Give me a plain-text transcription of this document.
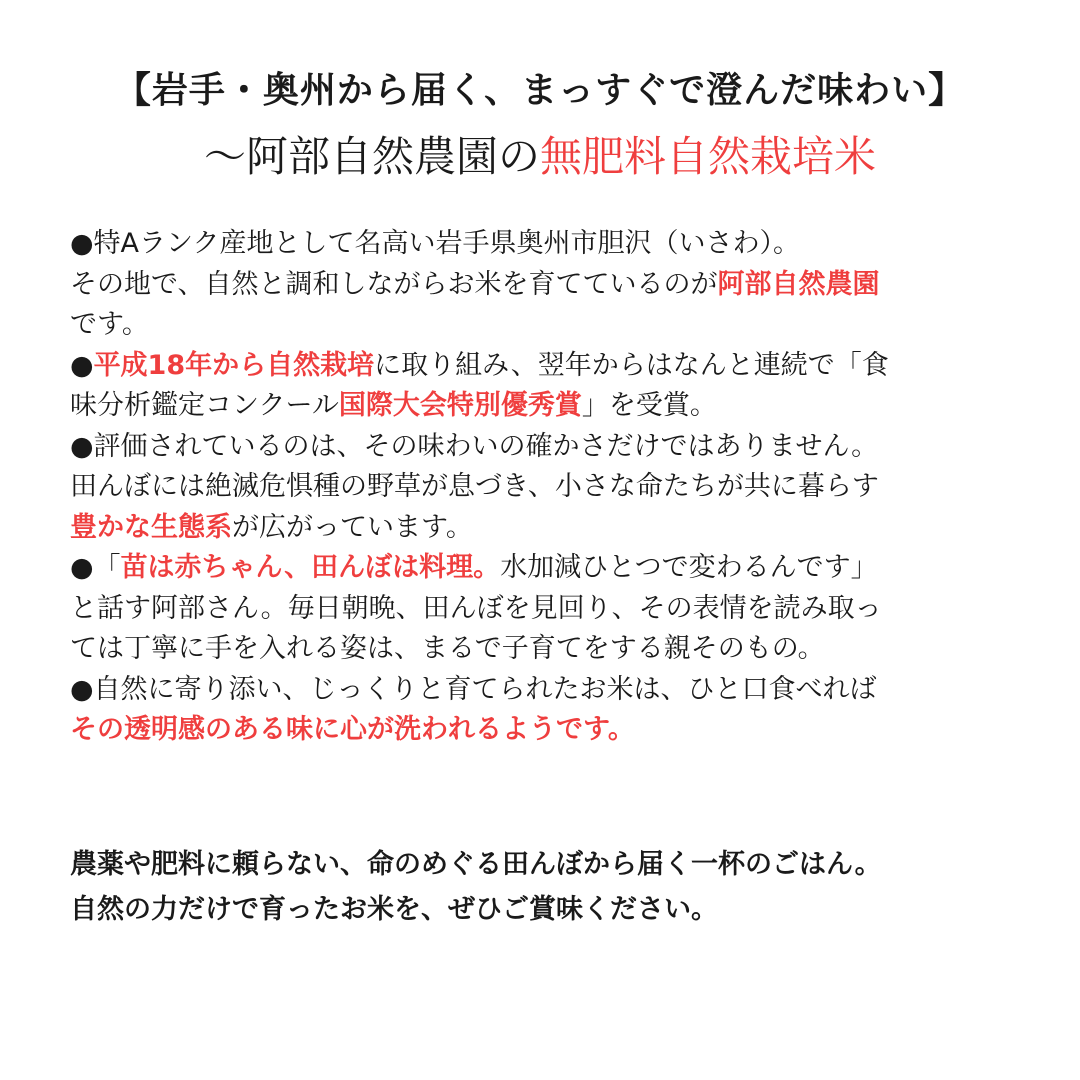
【岩手・奥州から届く、まっすぐで澄んだ味わい】
～阿部自然農園の無肥料自然栽培米
●特Aランク産地として名高い岩手県奥州市胆沢（いさわ）。
その地で、自然と調和しながらお米を育てているのが阿部自然農園
です。
●平成18年から自然栽培に取り組み、翌年からはなんと連続で「食
味分析鑑定コンクール国際大会特別優秀賞」を受賞。
●評価されているのは、その味わいの確かさだけではありません。
田んぼには絶滅危惧種の野草が息づき、小さな命たちが共に暮らす
豊かな生態系が広がっています。
●「苗は赤ちゃん、田んぼは料理。水加減ひとつで変わるんです」
と話す阿部さん。毎日朝晩、田んぼを見回り、その表情を読み取っ
ては丁寧に手を入れる姿は、まるで子育てをする親そのもの。
●自然に寄り添い、じっくりと育てられたお米は、ひと口食べれば
その透明感のある味に心が洗われるようです。
農薬や肥料に頼らない、命のめぐる田んぼから届く一杯のごはん。
自然の力だけで育ったお米を、ぜひご賞味ください。
